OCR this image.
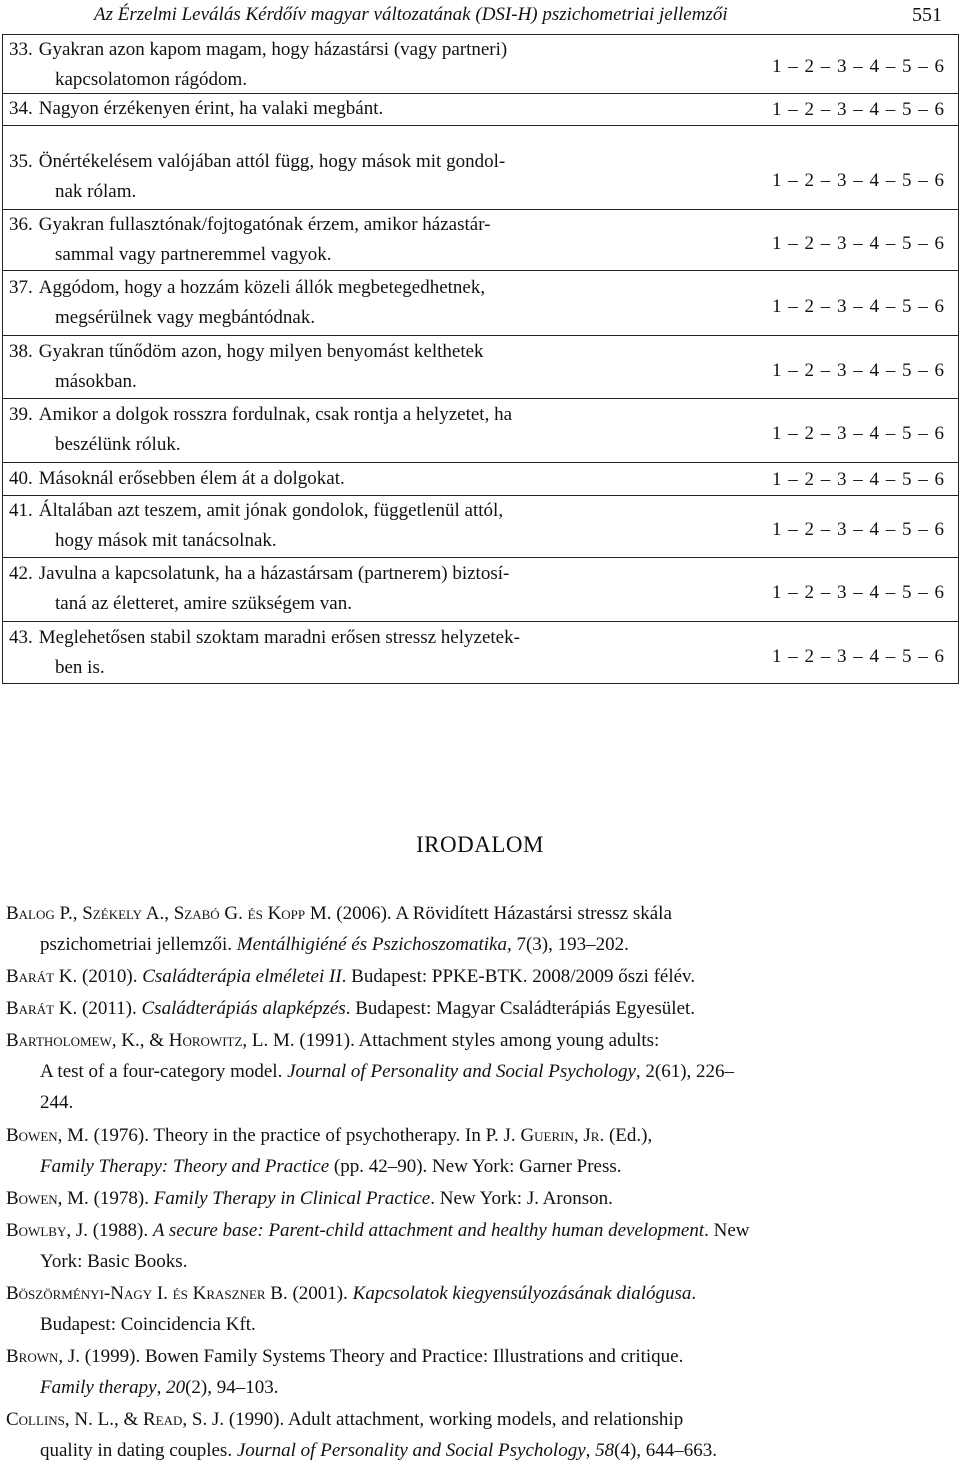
Az Érzelmi Leválás Kérdőív magyar változatának (DSI-H) pszichometriai jellemzői	551
33. Gyakran azon kapom magam, hogy házastársi (vagy partneri)
kapcsolatomon rágódom.
1 – 2 – 3 – 4 – 5 – 6
34. Nagyon érzékenyen érint, ha valaki megbánt.	1 – 2 – 3 – 4 – 5 – 6
35. Önértékelésem valójában attól függ, hogy mások mit gondol-
nak rólam.
1 – 2 – 3 – 4 – 5 – 6
36. Gyakran fullasztónak/fojtogatónak érzem, amikor házastár-
sammal vagy partneremmel vagyok.
1 – 2 – 3 – 4 – 5 – 6
37. Aggódom, hogy a hozzám közeli állók megbetegedhetnek,
megsérülnek vagy megbántódnak.
1 – 2 – 3 – 4 – 5 – 6
38. Gyakran tűnődöm azon, hogy milyen benyomást kelthetek
másokban.
1 – 2 – 3 – 4 – 5 – 6
39. Amikor a dolgok rosszra fordulnak, csak rontja a helyzetet, ha
beszélünk róluk.
1 – 2 – 3 – 4 – 5 – 6
40. Másoknál erősebben élem át a dolgokat.	1 – 2 – 3 – 4 – 5 – 6
41. Általában azt teszem, amit jónak gondolok, függetlenül attól,
hogy mások mit tanácsolnak.
1 – 2 – 3 – 4 – 5 – 6
42. Javulna a kapcsolatunk, ha a házastársam (partnerem) biztosí-
taná az életteret, amire szükségem van.
1 – 2 – 3 – 4 – 5 – 6
43. Meglehetősen stabil szoktam maradni erősen stressz helyzetek-
ben is.
1 – 2 – 3 – 4 – 5 – 6
IRODALOM
Balog P., Székely A., Szabó G. és Kopp M. (2006). A Rövidített Házastársi stressz skála
pszichometriai jellemzői. Mentálhigiéné és Pszichoszomatika, 7(3), 193–202.
Barát K. (2010). Családterápia elméletei II. Budapest: PPKE-BTK. 2008/2009 őszi félév.
Barát K. (2011). Családterápiás alapképzés. Budapest: Magyar Családterápiás Egyesület.
Bartholomew, K., & Horowitz, L. M. (1991). Attachment styles among young adults:
A test of a four-category model. Journal of Personality and Social Psychology, 2(61), 226–
244.
Bowen, M. (1976). Theory in the practice of psychotherapy. In P. J. Guerin, Jr. (Ed.),
Family Therapy: Theory and Practice (pp. 42–90). New York: Garner Press.
Bowen, M. (1978). Family Therapy in Clinical Practice. New York: J. Aronson.
Bowlby, J. (1988). A secure base: Parent-child attachment and healthy human development. New
York: Basic Books.
Böszörményi-Nagy I. és Kraszner B. (2001). Kapcsolatok kiegyensúlyozásának dialógusa.
Budapest: Coincidencia Kft.
Brown, J. (1999). Bowen Family Systems Theory and Practice: Illustrations and critique.
Family therapy, 20(2), 94–103.
Collins, N. L., & Read, S. J. (1990). Adult attachment, working models, and relationship
quality in dating couples. Journal of Personality and Social Psychology, 58(4), 644–663.
